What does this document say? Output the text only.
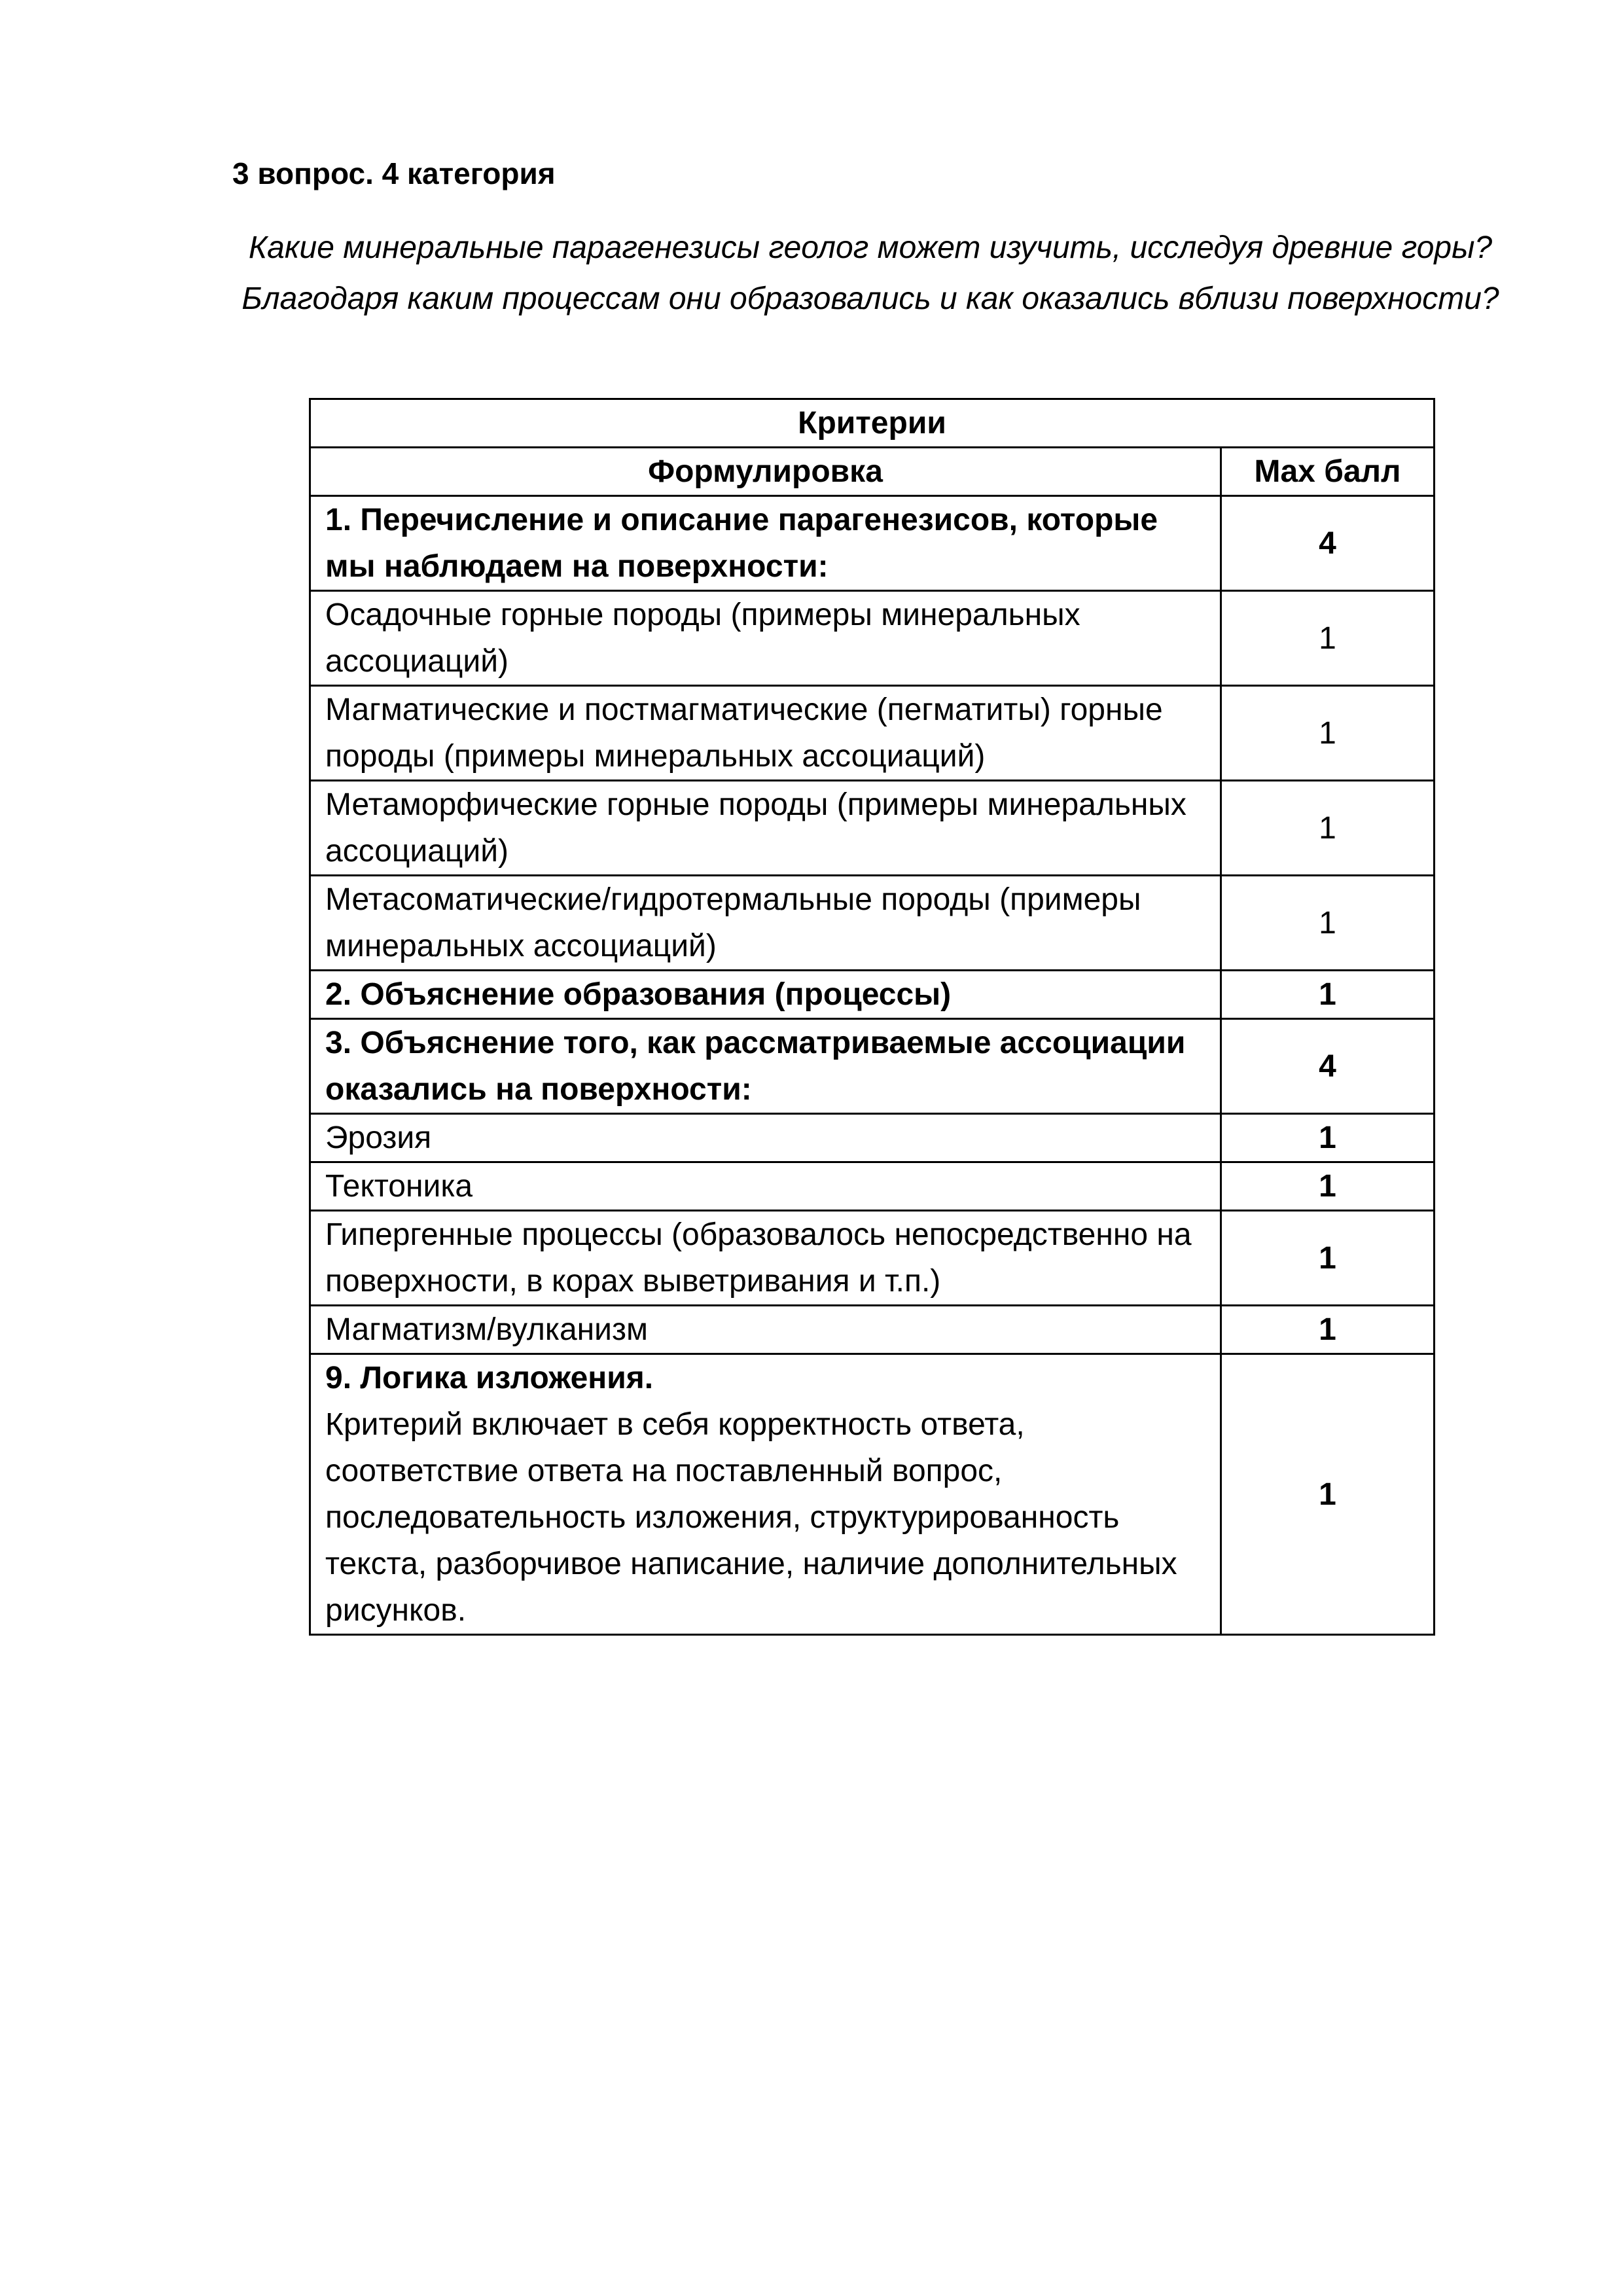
3 вопрос. 4 категория

Какие минеральные парагенезисы геолог может изучить, исследуя древние горы? Благодаря каким процессам они образовались и как оказались вблизи поверхности?

Критерии	
Формулировка	Max балл
1. Перечисление и описание парагенезисов, которые мы наблюдаем на поверхности:	4
Осадочные горные породы (примеры минеральных ассоциаций)	1
Магматические и постмагматические (пегматиты) горные породы (примеры минеральных ассоциаций)	1
Метаморфические горные породы (примеры минеральных ассоциаций)	1
Метасоматические/гидротермальные породы (примеры минеральных ассоциаций)	1
2. Объяснение образования (процессы)	1
3. Объяснение того, как рассматриваемые ассоциации оказались на поверхности:	4
Эрозия	1
Тектоника	1
Гипергенные процессы (образовалось непосредственно на поверхности, в корах выветривания и т.п.)	1
Магматизм/вулканизм	1
9. Логика изложения.
Критерий включает в себя корректность ответа, соответствие ответа на поставленный вопрос, последовательность изложения, структурированность текста, разборчивое написание, наличие дополнительных рисунков.	1
